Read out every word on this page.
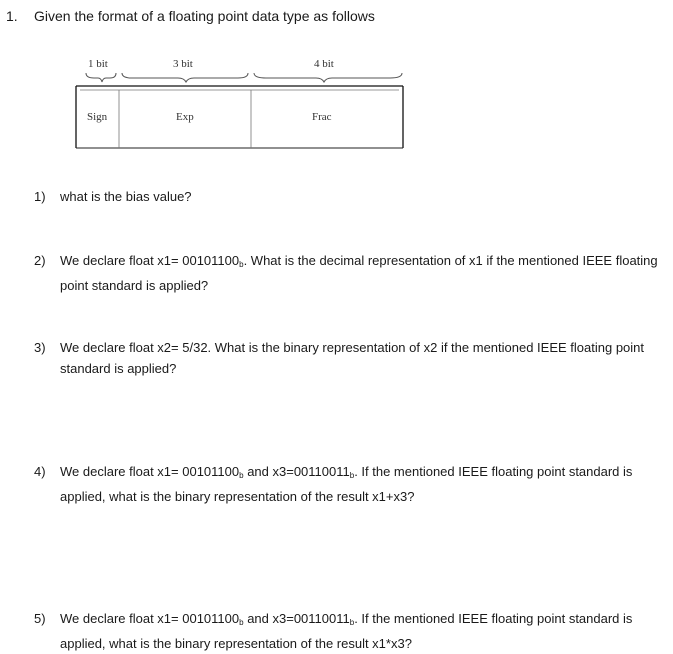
1. Given the format of a floating point data type as follows
1 bit	3 bit	4 bit
Sign	Exp	Frac
1) what is the bias value?
2) We declare float $x1= 00101100_b$. What is the decimal representation of x1 if the mentioned IEEE floating point standard is applied?
3) We declare float x2= 5/32. What is the binary representation of x2 if the mentioned IEEE floating point standard is applied?
4) We declare float $x1= 00101100_b$ and $x3=00110011_b$. If the mentioned IEEE floating point standard is applied, what is the binary representation of the result x1+x3?
5) We declare float $x1= 00101100_b$ and $x3=00110011_b$. If the mentioned IEEE floating point standard is applied, what is the binary representation of the result x1*x3?
